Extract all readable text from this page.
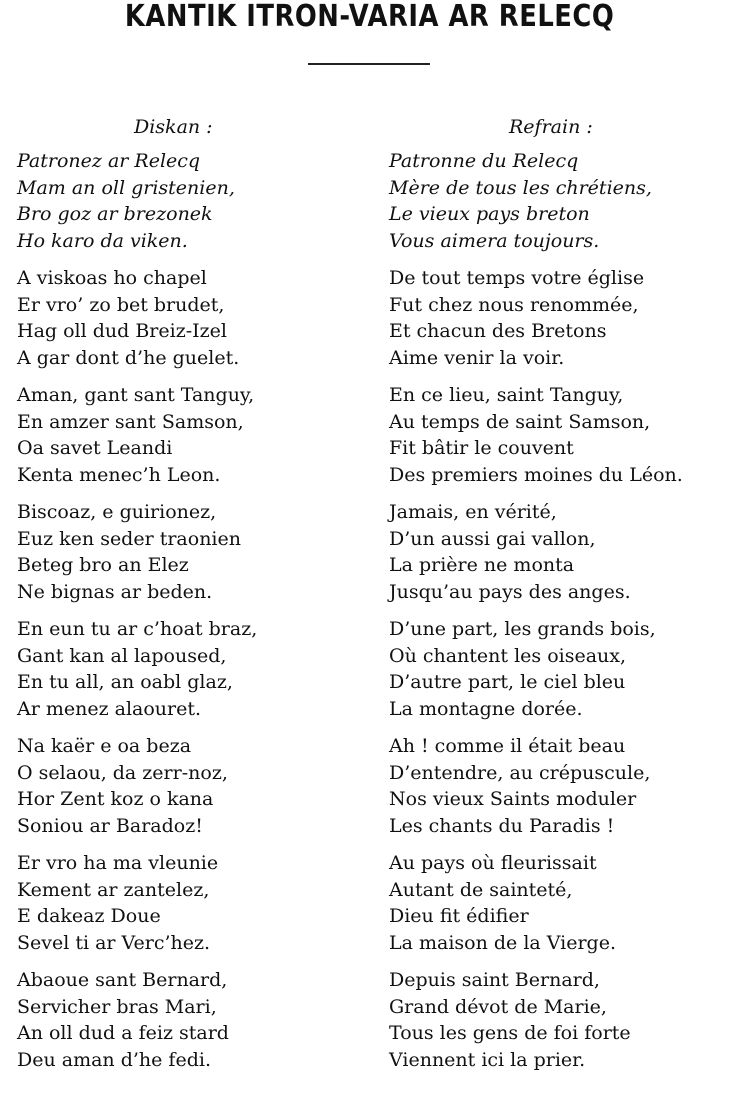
KANTIK ITRON-VARIA AR RELECQ
Diskan :
Patronez ar Relecq
Mam an oll gristenien,
Bro goz ar brezonek
Ho karo da viken.
A viskoas ho chapel
Er vro’ zo bet brudet,
Hag oll dud Breiz-Izel
A gar dont d’he guelet.
Aman, gant sant Tanguy,
En amzer sant Samson,
Oa savet Leandi
Kenta menec’h Leon.
Biscoaz, e guirionez,
Euz ken seder traonien
Beteg bro an Elez
Ne bignas ar beden.
En eun tu ar c’hoat braz,
Gant kan al lapoused,
En tu all, an oabl glaz,
Ar menez alaouret.
Na kaër e oa beza
O selaou, da zerr-noz,
Hor Zent koz o kana
Soniou ar Baradoz!
Er vro ha ma vleunie
Kement ar zantelez,
E dakeaz Doue
Sevel ti ar Verc’hez.
Abaoue sant Bernard,
Servicher bras Mari,
An oll dud a feiz stard
Deu aman d’he fedi.
Refrain :
Patronne du Relecq
Mère de tous les chrétiens,
Le vieux pays breton
Vous aimera toujours.
De tout temps votre église
Fut chez nous renommée,
Et chacun des Bretons
Aime venir la voir.
En ce lieu, saint Tanguy,
Au temps de saint Samson,
Fit bâtir le couvent
Des premiers moines du Léon.
Jamais, en vérité,
D’un aussi gai vallon,
La prière ne monta
Jusqu’au pays des anges.
D’une part, les grands bois,
Où chantent les oiseaux,
D’autre part, le ciel bleu
La montagne dorée.
Ah ! comme il était beau
D’entendre, au crépuscule,
Nos vieux Saints moduler
Les chants du Paradis !
Au pays où fleurissait
Autant de sainteté,
Dieu fit édifier
La maison de la Vierge.
Depuis saint Bernard,
Grand dévot de Marie,
Tous les gens de foi forte
Viennent ici la prier.
